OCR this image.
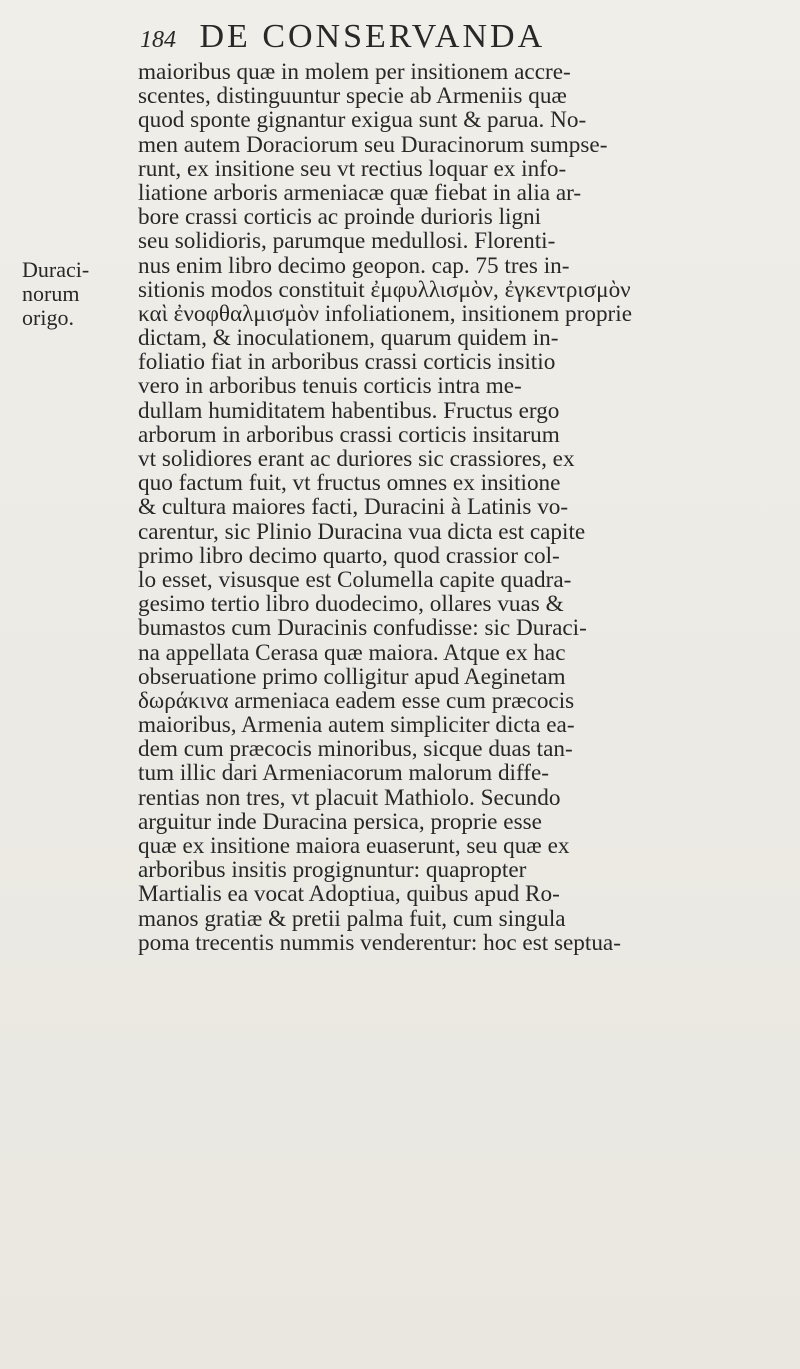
184 DE CONSERVANDA
Duraci-
norum
origo.
maioribus quæ in molem per insitionem accre-
scentes, distinguuntur specie ab Armeniis quæ
quod sponte gignantur exigua sunt & parua. No-
men autem Doraciorum seu Duracinorum sumpse-
runt, ex insitione seu vt rectius loquar ex info-
liatione arboris armeniacæ quæ fiebat in alia ar-
bore crassi corticis ac proinde durioris ligni
seu solidioris, parumque medullosi. Florenti-
nus enim libro decimo geopon. cap. 75 tres in-
sitionis modos constituit ἐμφυλλισμὸν, ἐγκεντρισμὸν
καὶ ἐνοφθαλμισμὸν infoliationem, insitionem proprie
dictam, & inoculationem, quarum quidem in-
foliatio fiat in arboribus crassi corticis insitio
vero in arboribus tenuis corticis intra me-
dullam humiditatem habentibus. Fructus ergo
arborum in arboribus crassi corticis insitarum
vt solidiores erant ac duriores sic crassiores, ex
quo factum fuit, vt fructus omnes ex insitione
& cultura maiores facti, Duracini à Latinis vo-
carentur, sic Plinio Duracina vua dicta est capite
primo libro decimo quarto, quod crassior col-
lo esset, visusque est Columella capite quadra-
gesimo tertio libro duodecimo, ollares vuas &
bumastos cum Duracinis confudisse: sic Duraci-
na appellata Cerasa quæ maiora. Atque ex hac
obseruatione primo colligitur apud Aeginetam
δωράκινα armeniaca eadem esse cum præcocis
maioribus, Armenia autem simpliciter dicta ea-
dem cum præcocis minoribus, sicque duas tan-
tum illic dari Armeniacorum malorum diffe-
rentias non tres, vt placuit Mathiolo. Secundo
arguitur inde Duracina persica, proprie esse
quæ ex insitione maiora euaserunt, seu quæ ex
arboribus insitis progignuntur: quapropter
Martialis ea vocat Adoptiua, quibus apud Ro-
manos gratiæ & pretii palma fuit, cum singula
poma trecentis nummis venderentur: hoc est septua-
